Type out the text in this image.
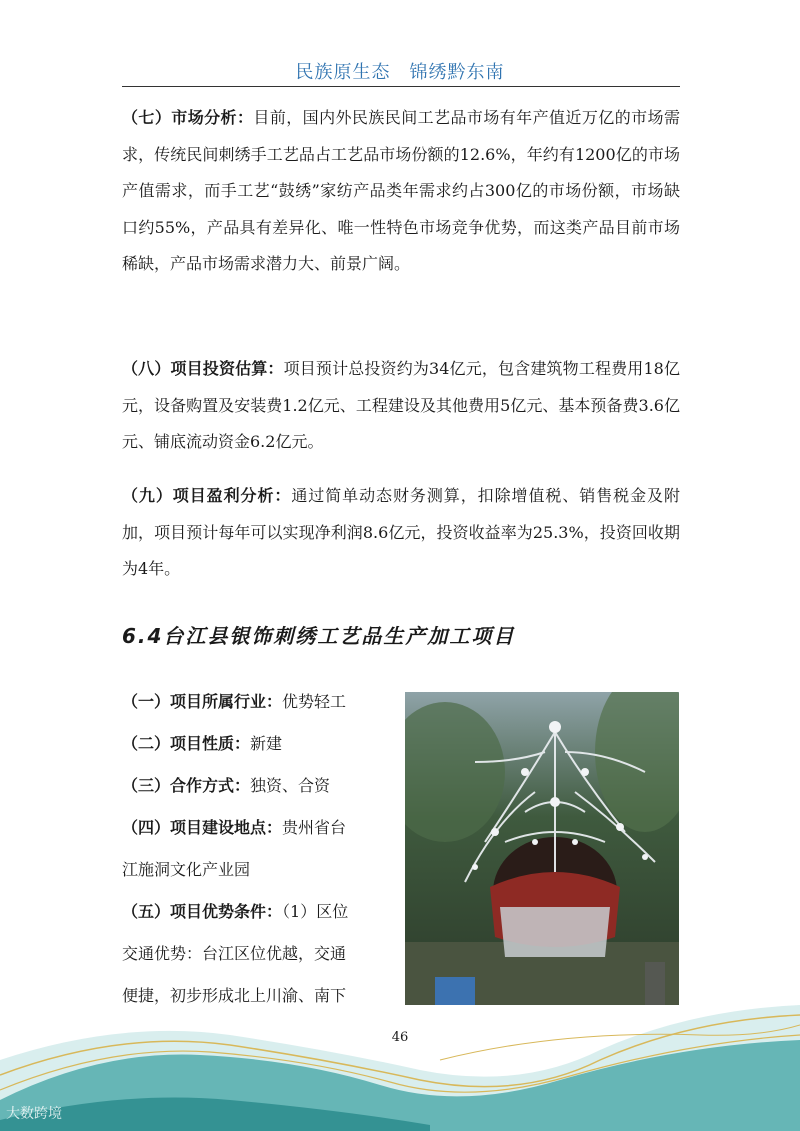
民族原生态　锦绣黔东南

（七）市场分析：目前，国内外民族民间工艺品市场有年产值近万亿的市场需求，传统民间刺绣手工艺品占工艺品市场份额的12.6%，年约有1200亿的市场产值需求，而手工艺“鼓绣”家纺产品类年需求约占300亿的市场份额，市场缺口约55%，产品具有差异化、唯一性特色市场竞争优势，而这类产品目前市场稀缺，产品市场需求潜力大、前景广阔。

（八）项目投资估算：项目预计总投资约为34亿元，包含建筑物工程费用18亿元，设备购置及安装费1.2亿元、工程建设及其他费用5亿元、基本预备费3.6亿元、铺底流动资金6.2亿元。

（九）项目盈利分析：通过简单动态财务测算，扣除增值税、销售税金及附加，项目预计每年可以实现净利润8.6亿元，投资收益率为25.3%，投资回收期为4年。

6.4台江县银饰刺绣工艺品生产加工项目
（一）项目所属行业：优势轻工
（二）项目性质：新建
（三）合作方式：独资、合资
（四）项目建设地点：贵州省台
江施洞文化产业园
（五）项目优势条件：（1）区位
交通优势：台江区位优越，交通
便捷，初步形成北上川渝、南下
46
大数跨境
